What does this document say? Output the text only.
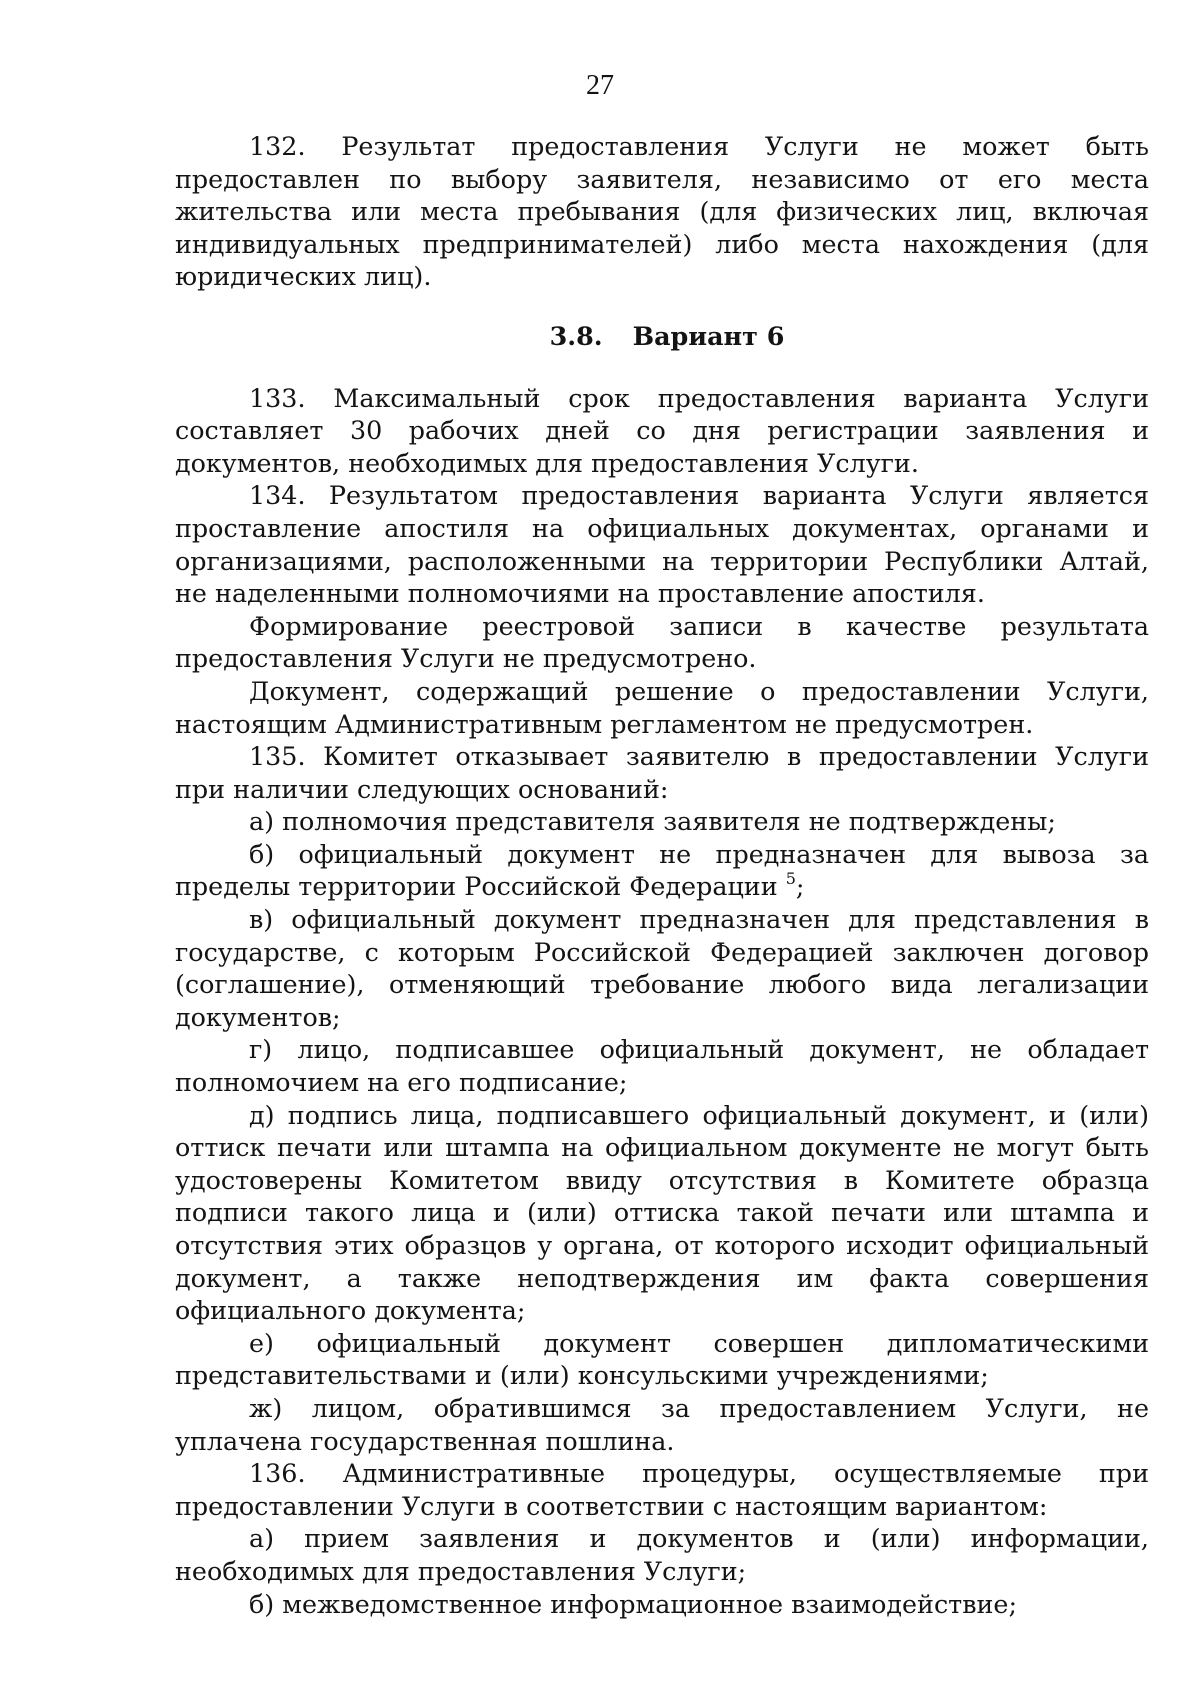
27

132. Результат предоставления Услуги не может быть предоставлен по выбору заявителя, независимо от его места жительства или места пребывания (для физических лиц, включая индивидуальных предпринимателей) либо места нахождения (для юридических лиц).

3.8. Вариант 6

133. Максимальный срок предоставления варианта Услуги составляет 30 рабочих дней со дня регистрации заявления и документов, необходимых для предоставления Услуги.

134. Результатом предоставления варианта Услуги является проставление апостиля на официальных документах, органами и организациями, расположенными на территории Республики Алтай, не наделенными полномочиями на проставление апостиля.

Формирование реестровой записи в качестве результата предоставления Услуги не предусмотрено.

Документ, содержащий решение о предоставлении Услуги, настоящим Административным регламентом не предусмотрен.

135. Комитет отказывает заявителю в предоставлении Услуги при наличии следующих оснований:

а) полномочия представителя заявителя не подтверждены;

б) официальный документ не предназначен для вывоза за пределы территории Российской Федерации $^5$;

в) официальный документ предназначен для представления в государстве, с которым Российской Федерацией заключен договор (соглашение), отменяющий требование любого вида легализации документов;

г) лицо, подписавшее официальный документ, не обладает полномочием на его подписание;

д) подпись лица, подписавшего официальный документ, и (или) оттиск печати или штампа на официальном документе не могут быть удостоверены Комитетом ввиду отсутствия в Комитете образца подписи такого лица и (или) оттиска такой печати или штампа и отсутствия этих образцов у органа, от которого исходит официальный документ, а также неподтверждения им факта совершения официального документа;

е) официальный документ совершен дипломатическими представительствами и (или) консульскими учреждениями;

ж) лицом, обратившимся за предоставлением Услуги, не уплачена государственная пошлина.

136. Административные процедуры, осуществляемые при предоставлении Услуги в соответствии с настоящим вариантом:

а) прием заявления и документов и (или) информации, необходимых для предоставления Услуги;

б) межведомственное информационное взаимодействие;
